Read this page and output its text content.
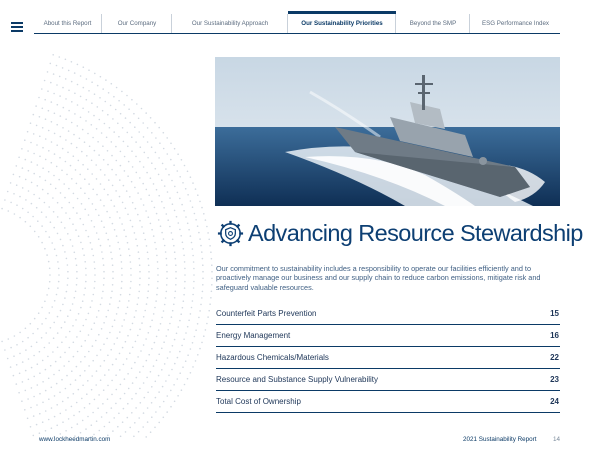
About this Report	Our Company	Our Sustainability Approach	Our Sustainability Priorities	Beyond the SMP	ESG Performance Index
Advancing Resource Stewardship

Our commitment to sustainability includes a responsibility to operate our facilities efficiently and to proactively manage our business and our supply chain to reduce carbon emissions, mitigate risk and safeguard valuable resources.

Counterfeit Parts Prevention	15
Energy Management	16
Hazardous Chemicals/Materials	22
Resource and Substance Supply Vulnerability	23
Total Cost of Ownership	24
www.lockheedmartin.com	2021 Sustainability Report	14
